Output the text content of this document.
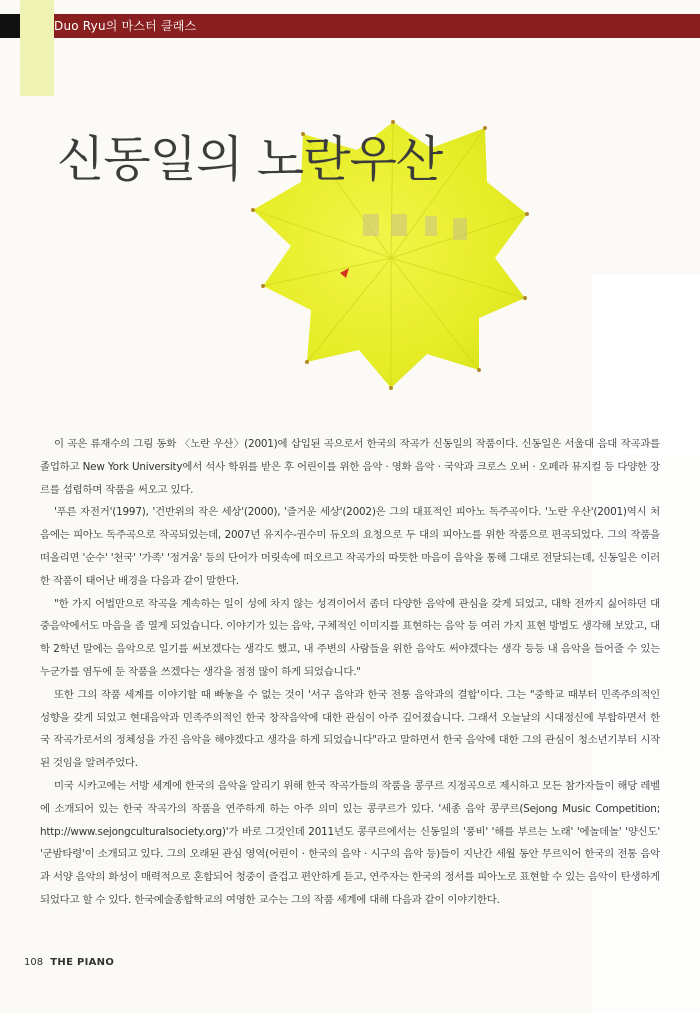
Duo Ryu의 마스터 클래스
신동일의 노란우산

이 곡은 류재수의 그림 동화 〈노란 우산〉(2001)에 삽입된 곡으로서 한국의 작곡가 신동일의 작품이다. 신동일은 서울대 음대 작곡과를 졸업하고 New York University에서 석사 학위를 받은 후 어린이를 위한 음악 · 영화 음악 · 국악과 크로스 오버 · 오페라 뮤지컬 등 다양한 장르를 섭렵하며 작품을 써오고 있다.

'푸른 자전거'(1997), '건반위의 작은 세상'(2000), '즐거운 세상'(2002)은 그의 대표적인 피아노 독주곡이다. '노란 우산'(2001)역시 처음에는 피아노 독주곡으로 작곡되었는데, 2007년 유지수-권수미 듀오의 요청으로 두 대의 피아노를 위한 작품으로 편곡되었다. 그의 작품을 떠올리면 '순수' '천국' '가족' '정겨움' 등의 단어가 머릿속에 떠오르고 작곡가의 따뜻한 마음이 음악을 통해 그대로 전달되는데, 신동일은 이러한 작품이 태어난 배경을 다음과 같이 말한다.

"한 가지 어법만으로 작곡을 계속하는 일이 성에 차지 않는 성격이어서 좀더 다양한 음악에 관심을 갖게 되었고, 대학 전까지 싫어하던 대중음악에서도 마음을 좀 열게 되었습니다. 이야기가 있는 음악, 구체적인 이미지를 표현하는 음악 등 여러 가지 표현 방법도 생각해 보았고, 대학 2학년 말에는 음악으로 일기를 써보겠다는 생각도 했고, 내 주변의 사람들을 위한 음악도 써야겠다는 생각 등등 내 음악을 들어줄 수 있는 누군가를 염두에 둔 작품을 쓰겠다는 생각을 점점 많이 하게 되었습니다."

또한 그의 작품 세계를 이야기할 때 빠놓을 수 없는 것이 '서구 음악과 한국 전통 음악과의 결합'이다. 그는 "중학교 때부터 민족주의적인 성향을 갖게 되었고 현대음악과 민족주의적인 한국 창작음악에 대한 관심이 아주 깊어졌습니다. 그래서 오늘날의 시대정신에 부합하면서 한국 작곡가로서의 정체성을 가진 음악을 해야겠다고 생각을 하게 되었습니다"라고 말하면서 한국 음악에 대한 그의 관심이 청소년기부터 시작된 것임을 알려주었다.

미국 시카고에는 서방 세계에 한국의 음악을 알리기 위해 한국 작곡가들의 작품을 콩쿠르 지정곡으로 제시하고 모든 참가자들이 해당 레벨에 소개되어 있는 한국 작곡가의 작품을 연주하게 하는 아주 의미 있는 콩쿠르가 있다. '세종 음악 콩쿠르(Sejong Music Competition; http://www.sejongculturalsociety.org)'가 바로 그것인데 2011년도 콩쿠르에서는 신동일의 '풍비' '해를 부르는 노래' '에놀데놀' '양신도' '군밤타령'이 소개되고 있다. 그의 오래된 관심 영역(어린이 · 한국의 음악 · 시구의 음악 등)들이 지난간 세월 동안 무르익어 한국의 전통 음악과 서양 음악의 화성이 매력적으로 혼합되어 청중이 즐겁고 편안하게 듣고, 연주자는 한국의 정서를 피아노로 표현할 수 있는 음악이 탄생하게 되었다고 할 수 있다. 한국예술종합학교의 여영한 교수는 그의 작품 세계에 대해 다음과 같이 이야기한다.

108 THE PIANO
